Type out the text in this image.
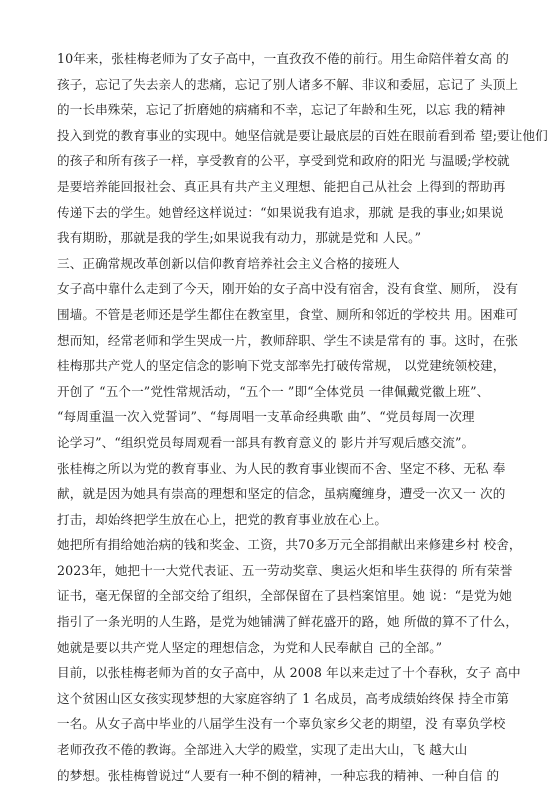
10年来，张桂梅老师为了女子高中，一直孜孜不倦的前行。用生命陪伴着女高 的
孩子，忘记了失去亲人的悲痛，忘记了别人诸多不解、非议和委屈，忘记了 头顶上
的一长串殊荣，忘记了折磨她的病痛和不幸，忘记了年龄和生死，以忘 我的精神
投入到党的教育事业的实现中。她坚信就是要让最底层的百姓在眼前看到希 望;要让他们
的孩子和所有孩子一样，享受教育的公平，享受到党和政府的阳光 与温暖;学校就
是要培养能回报社会、真正具有共产主义理想、能把自己从社会 上得到的帮助再
传递下去的学生。她曾经这样说过：“如果说我有追求，那就 是我的事业;如果说
我有期盼，那就是我的学生;如果说我有动力，那就是党和 人民。”
三、正确常规改革创新以信仰教育培养社会主义合格的接班人
女子高中靠什么走到了今天，刚开始的女子高中没有宿舍，没有食堂、厕所， 没有
围墙。不管是老师还是学生都住在教室里，食堂、厕所和邻近的学校共 用。困难可
想而知，经常老师和学生哭成一片，教师辞职、学生不读是常有的 事。这时，在张
桂梅那共产党人的坚定信念的影响下党支部率先打破传常规， 以党建统领校建，
开创了 “五个一”党性常规活动，“五个一 ”即“全体党员 一律佩戴党徽上班”、
“每周重温一次入党誓词”、“每周唱一支革命经典歌 曲”、“党员每周一次理
论学习”、“组织党员每周观看一部具有教育意义的 影片并写观后感交流”。
张桂梅之所以为党的教育事业、为人民的教育事业锲而不舍、坚定不移、无私 奉
献，就是因为她具有崇高的理想和坚定的信念，虽病魔缠身，遭受一次又一 次的
打击，却始终把学生放在心上，把党的教育事业放在心上。
她把所有捐给她治病的钱和奖金、工资，共70多万元全部捐献出来修建乡村 校舍，
2023年，她把十一大党代表证、五一劳动奖章、奥运火炬和毕生获得的 所有荣誉
证书，毫无保留的全部交给了组织，全部保留在了县档案馆里。她 说：“是党为她
指引了一条光明的人生路，是党为她铺满了鲜花盛开的路，她 所做的算不了什么，
她就是要以共产党人坚定的理想信念，为党和人民奉献自 己的全部。”
目前，以张桂梅老师为首的女子高中，从 2008 年以来走过了十个春秋，女子 高中
这个贫困山区女孩实现梦想的大家庭容纳了 1 名成员，高考成绩始终保 持全市第
一名。从女子高中毕业的八届学生没有一个辜负家乡父老的期望，没 有辜负学校
老师孜孜不倦的教诲。全部进入大学的殿堂，实现了走出大山，飞 越大山
的梦想。张桂梅曾说过“人要有一种不倒的精神，一种忘我的精神、一种自信 的
